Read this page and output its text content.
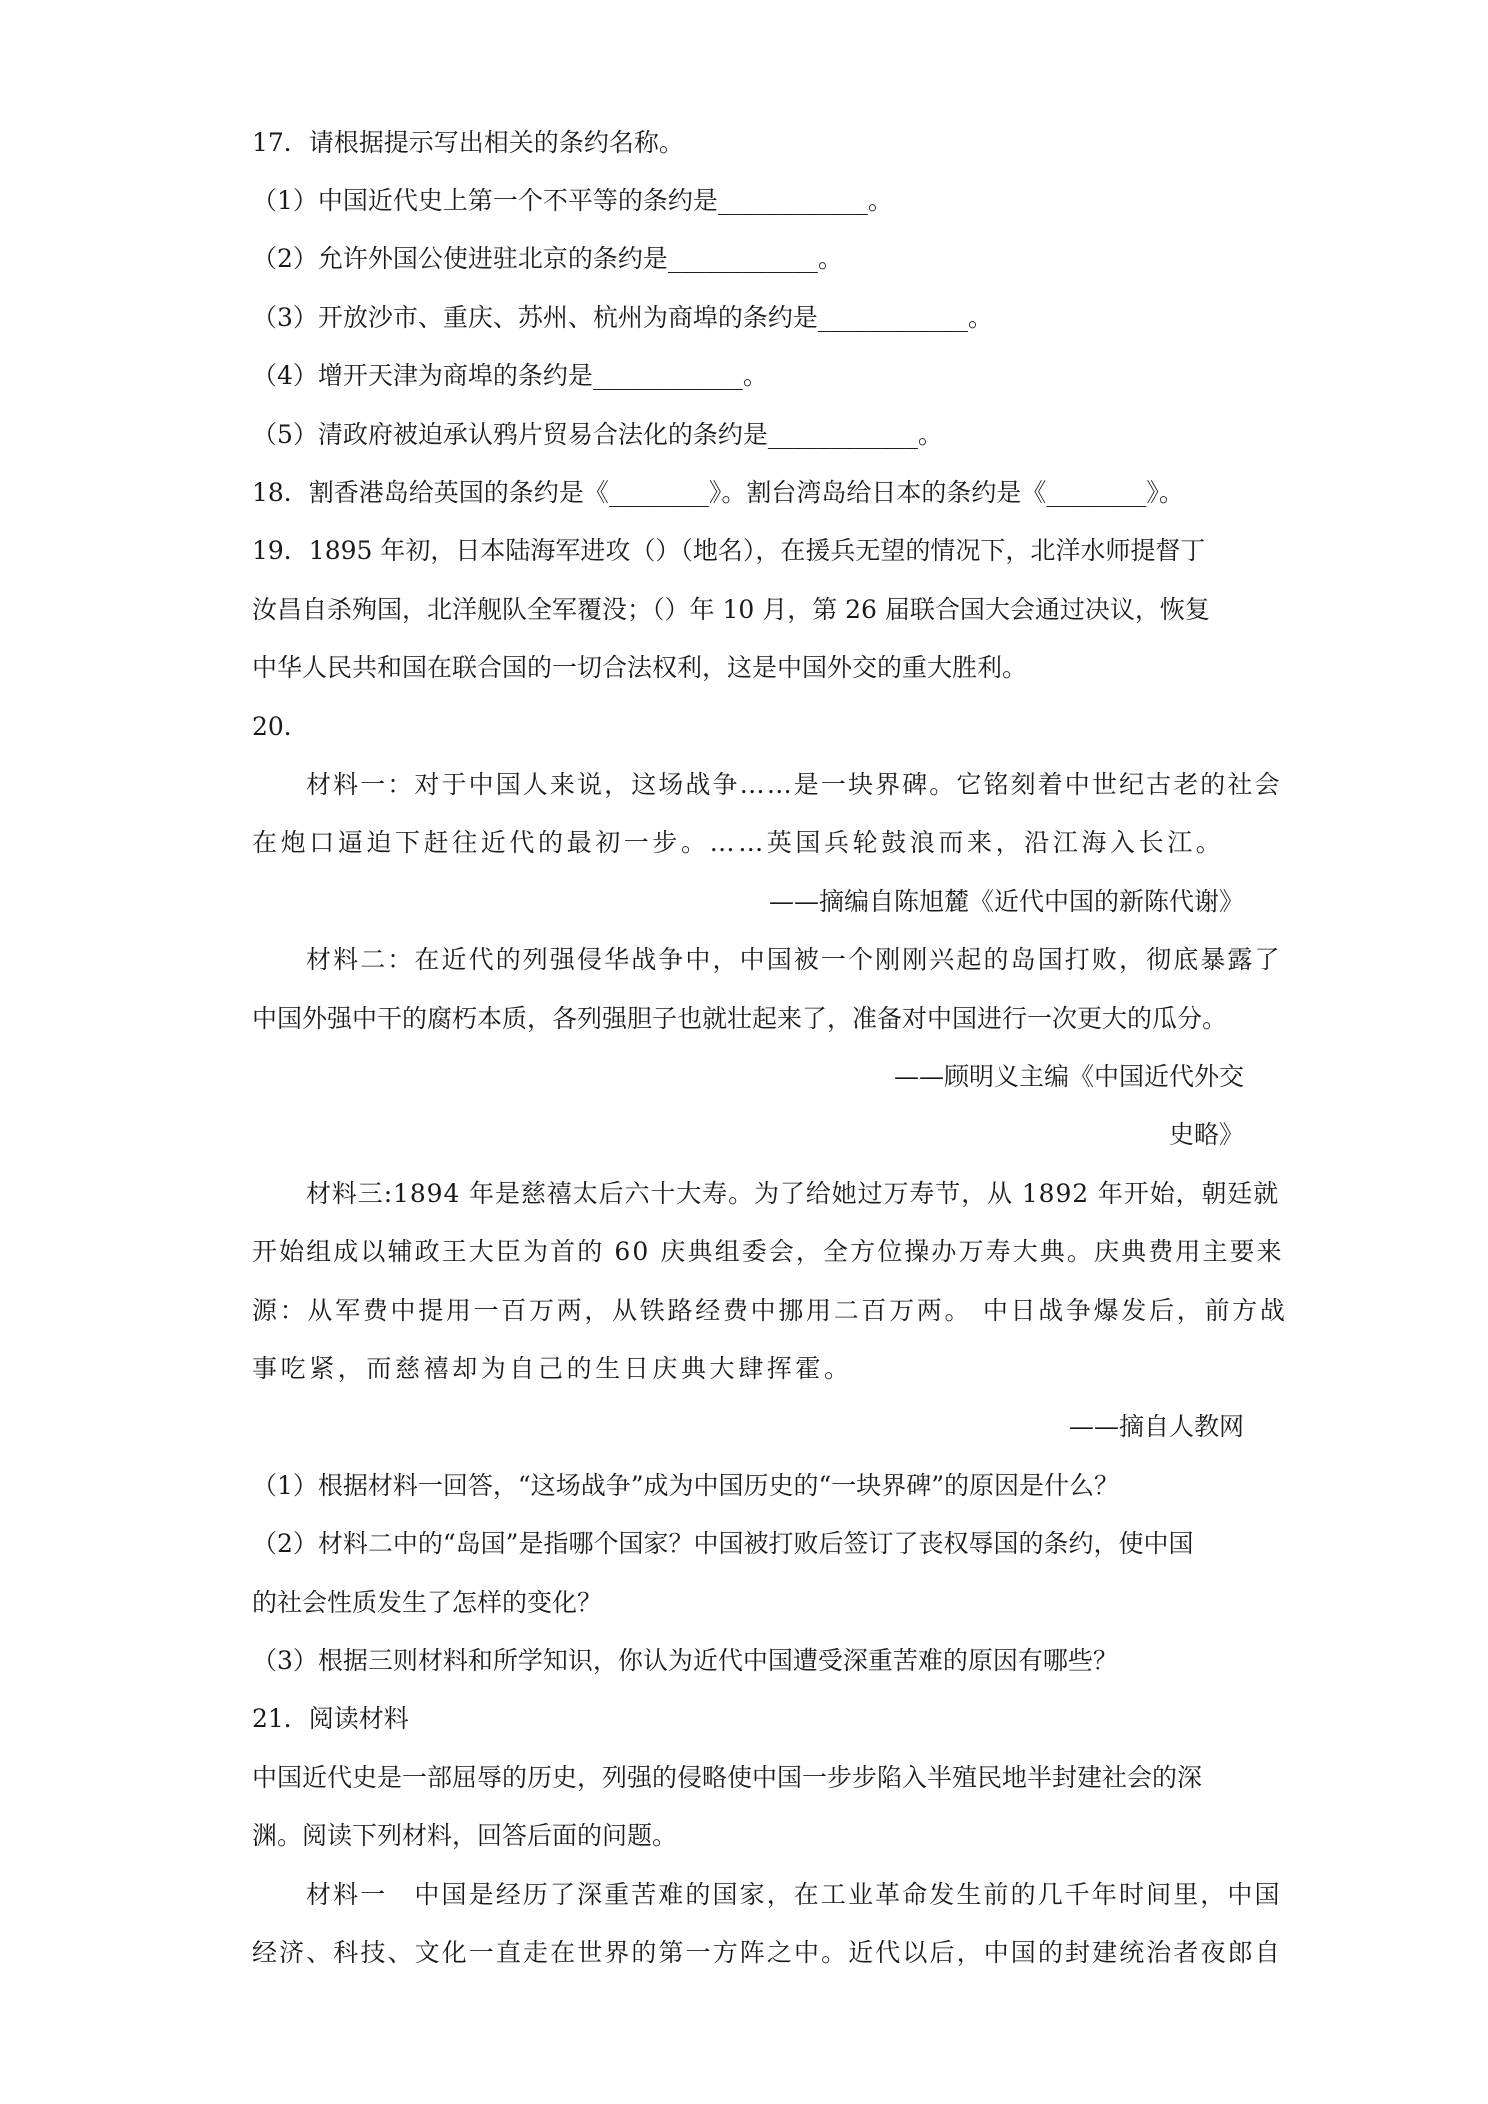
17．请根据提示写出相关的条约名称。
（1）中国近代史上第一个不平等的条约是____________。
（2）允许外国公使进驻北京的条约是____________。
（3）开放沙市、重庆、苏州、杭州为商埠的条约是____________。
（4）增开天津为商埠的条约是____________。
（5）清政府被迫承认鸦片贸易合法化的条约是____________。
18．割香港岛给英国的条约是《________》。割台湾岛给日本的条约是《________》。
19．1895 年初，日本陆海军进攻（）（地名），在援兵无望的情况下，北洋水师提督丁
汝昌自杀殉国，北洋舰队全军覆没；（）年 10 月，第 26 届联合国大会通过决议，恢复
中华人民共和国在联合国的一切合法权利，这是中国外交的重大胜利。
20．
材料一：对于中国人来说，这场战争……是一块界碑。它铭刻着中世纪古老的社会
在炮口逼迫下赶往近代的最初一步。……英国兵轮鼓浪而来，沿江海入长江。
——摘编自陈旭麓《近代中国的新陈代谢》
材料二：在近代的列强侵华战争中，中国被一个刚刚兴起的岛国打败，彻底暴露了
中国外强中干的腐朽本质，各列强胆子也就壮起来了，准备对中国进行一次更大的瓜分。
——顾明义主编《中国近代外交
史略》
材料三:1894 年是慈禧太后六十大寿。为了给她过万寿节，从 1892 年开始，朝廷就
开始组成以辅政王大臣为首的 60 庆典组委会，全方位操办万寿大典。庆典费用主要来
源：从军费中提用一百万两，从铁路经费中挪用二百万两。 中日战争爆发后，前方战
事吃紧，而慈禧却为自己的生日庆典大肆挥霍。
——摘自人教网
（1）根据材料一回答，“这场战争”成为中国历史的“一块界碑”的原因是什么？
（2）材料二中的“岛国”是指哪个国家？中国被打败后签订了丧权辱国的条约，使中国
的社会性质发生了怎样的变化？
（3）根据三则材料和所学知识，你认为近代中国遭受深重苦难的原因有哪些？
21．阅读材料
中国近代史是一部屈辱的历史，列强的侵略使中国一步步陷入半殖民地半封建社会的深
渊。阅读下列材料，回答后面的问题。
材料一　中国是经历了深重苦难的国家，在工业革命发生前的几千年时间里，中国
经济、科技、文化一直走在世界的第一方阵之中。近代以后，中国的封建统治者夜郎自
